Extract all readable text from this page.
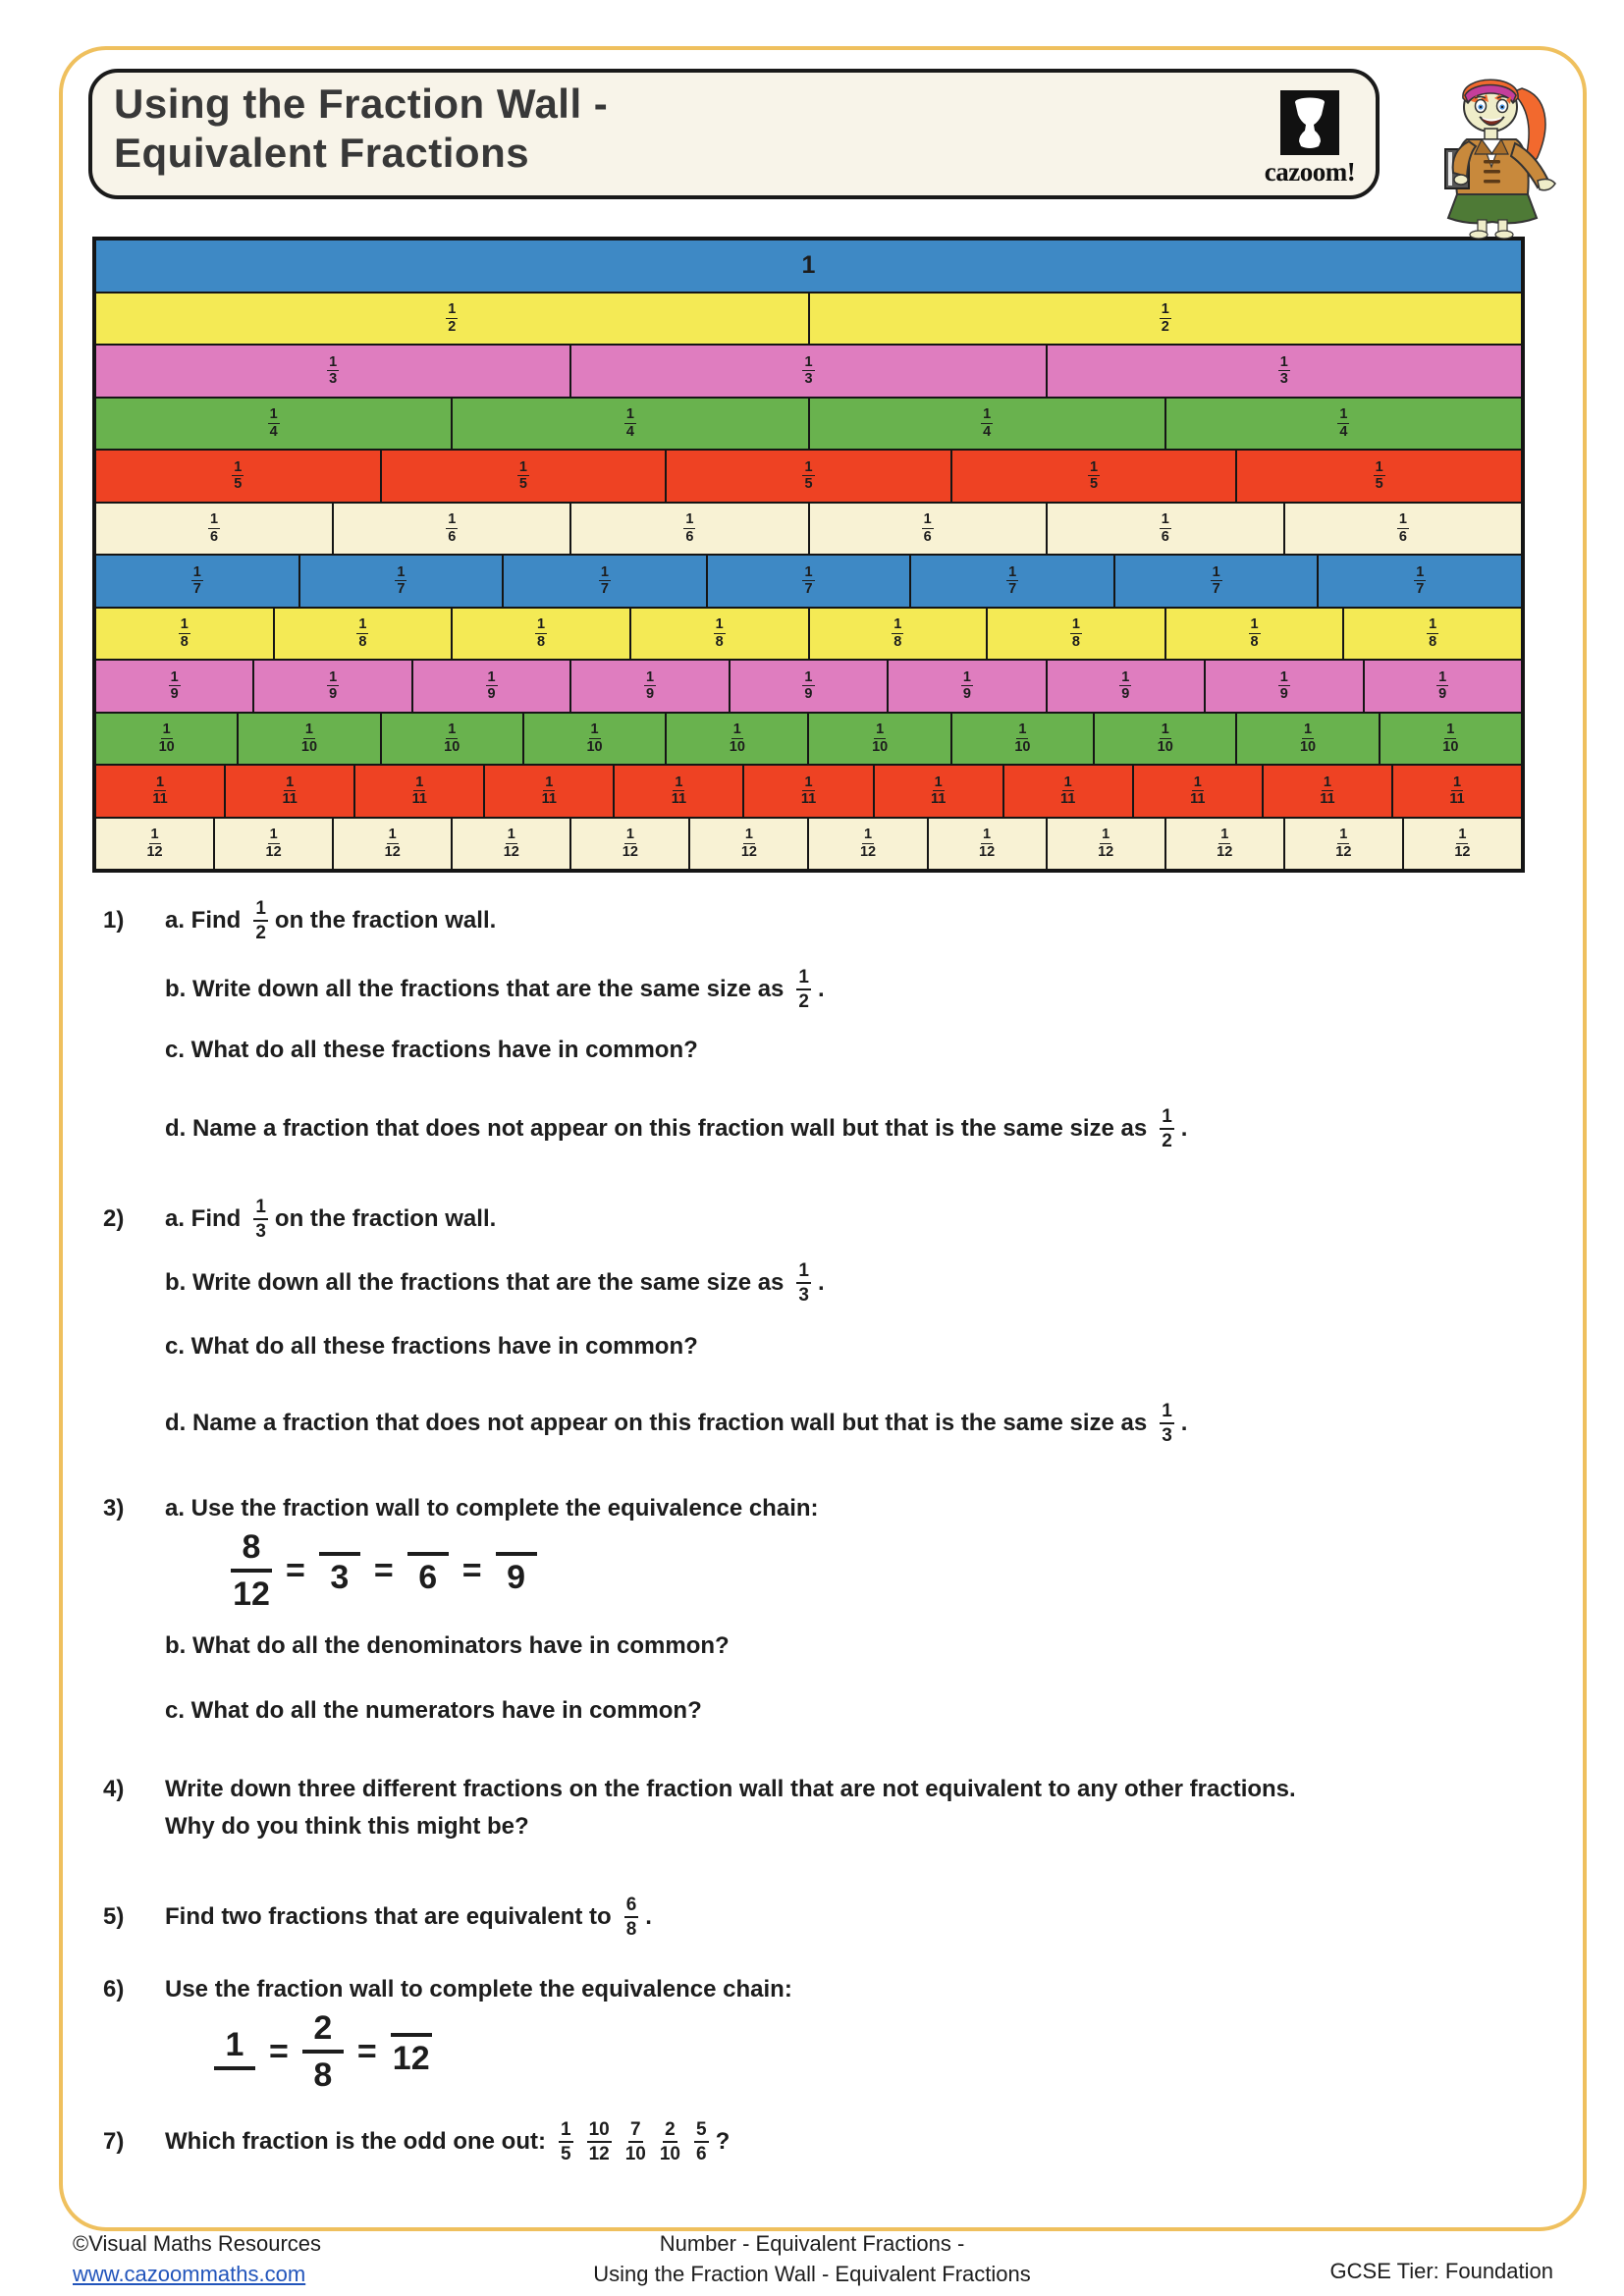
Using the Fraction Wall -
Equivalent Fractions	cazoom!
1
$\frac{1}{2}$	$\frac{1}{2}$
$\frac{1}{3}$	$\frac{1}{3}$	$\frac{1}{3}$
$\frac{1}{4}$	$\frac{1}{4}$	$\frac{1}{4}$	$\frac{1}{4}$
$\frac{1}{5}$	$\frac{1}{5}$	$\frac{1}{5}$	$\frac{1}{5}$	$\frac{1}{5}$
$\frac{1}{6}$	$\frac{1}{6}$	$\frac{1}{6}$	$\frac{1}{6}$	$\frac{1}{6}$	$\frac{1}{6}$
$\frac{1}{7}$	$\frac{1}{7}$	$\frac{1}{7}$	$\frac{1}{7}$	$\frac{1}{7}$	$\frac{1}{7}$	$\frac{1}{7}$
$\frac{1}{8}$	$\frac{1}{8}$	$\frac{1}{8}$	$\frac{1}{8}$	$\frac{1}{8}$	$\frac{1}{8}$	$\frac{1}{8}$	$\frac{1}{8}$
$\frac{1}{9}$	$\frac{1}{9}$	$\frac{1}{9}$	$\frac{1}{9}$	$\frac{1}{9}$	$\frac{1}{9}$	$\frac{1}{9}$	$\frac{1}{9}$	$\frac{1}{9}$
$\frac{1}{10}$	$\frac{1}{10}$	$\frac{1}{10}$	$\frac{1}{10}$	$\frac{1}{10}$	$\frac{1}{10}$	$\frac{1}{10}$	$\frac{1}{10}$	$\frac{1}{10}$	$\frac{1}{10}$
$\frac{1}{11}$	$\frac{1}{11}$	$\frac{1}{11}$	$\frac{1}{11}$	$\frac{1}{11}$	$\frac{1}{11}$	$\frac{1}{11}$	$\frac{1}{11}$	$\frac{1}{11}$	$\frac{1}{11}$	$\frac{1}{11}$
$\frac{1}{12}$	$\frac{1}{12}$	$\frac{1}{12}$	$\frac{1}{12}$	$\frac{1}{12}$	$\frac{1}{12}$	$\frac{1}{12}$	$\frac{1}{12}$	$\frac{1}{12}$	$\frac{1}{12}$	$\frac{1}{12}$	$\frac{1}{12}$
1) a. Find $\frac{1}{2}$ on the fraction wall.
b. Write down all the fractions that are the same size as $\frac{1}{2}$ .
c. What do all these fractions have in common?
d. Name a fraction that does not appear on this fraction wall but that is the same size as $\frac{1}{2}$ .
2) a. Find $\frac{1}{3}$ on the fraction wall.
b. Write down all the fractions that are the same size as $\frac{1}{3}$ .
c. What do all these fractions have in common?
d. Name a fraction that does not appear on this fraction wall but that is the same size as $\frac{1}{3}$ .
3) a. Use the fraction wall to complete the equivalence chain:
$\frac{8}{12} = 3 = 6 = 9$
b. What do all the denominators have in common?
c. What do all the numerators have in common?
4) Write down three different fractions on the fraction wall that are not equivalent to any other fractions.
Why do you think this might be?
5) Find two fractions that are equivalent to $\frac{6}{8}$ .
6) Use the fraction wall to complete the equivalence chain:
$1 = \frac{2}{8} = 12$
7) Which fraction is the odd one out: $\frac{1}{5} \frac{10}{12} \frac{7}{10} \frac{2}{10} \frac{5}{6}$ ?
©Visual Maths Resources
www.cazoommaths.com
Number - Equivalent Fractions -
Using the Fraction Wall - Equivalent Fractions	GCSE Tier: Foundation
